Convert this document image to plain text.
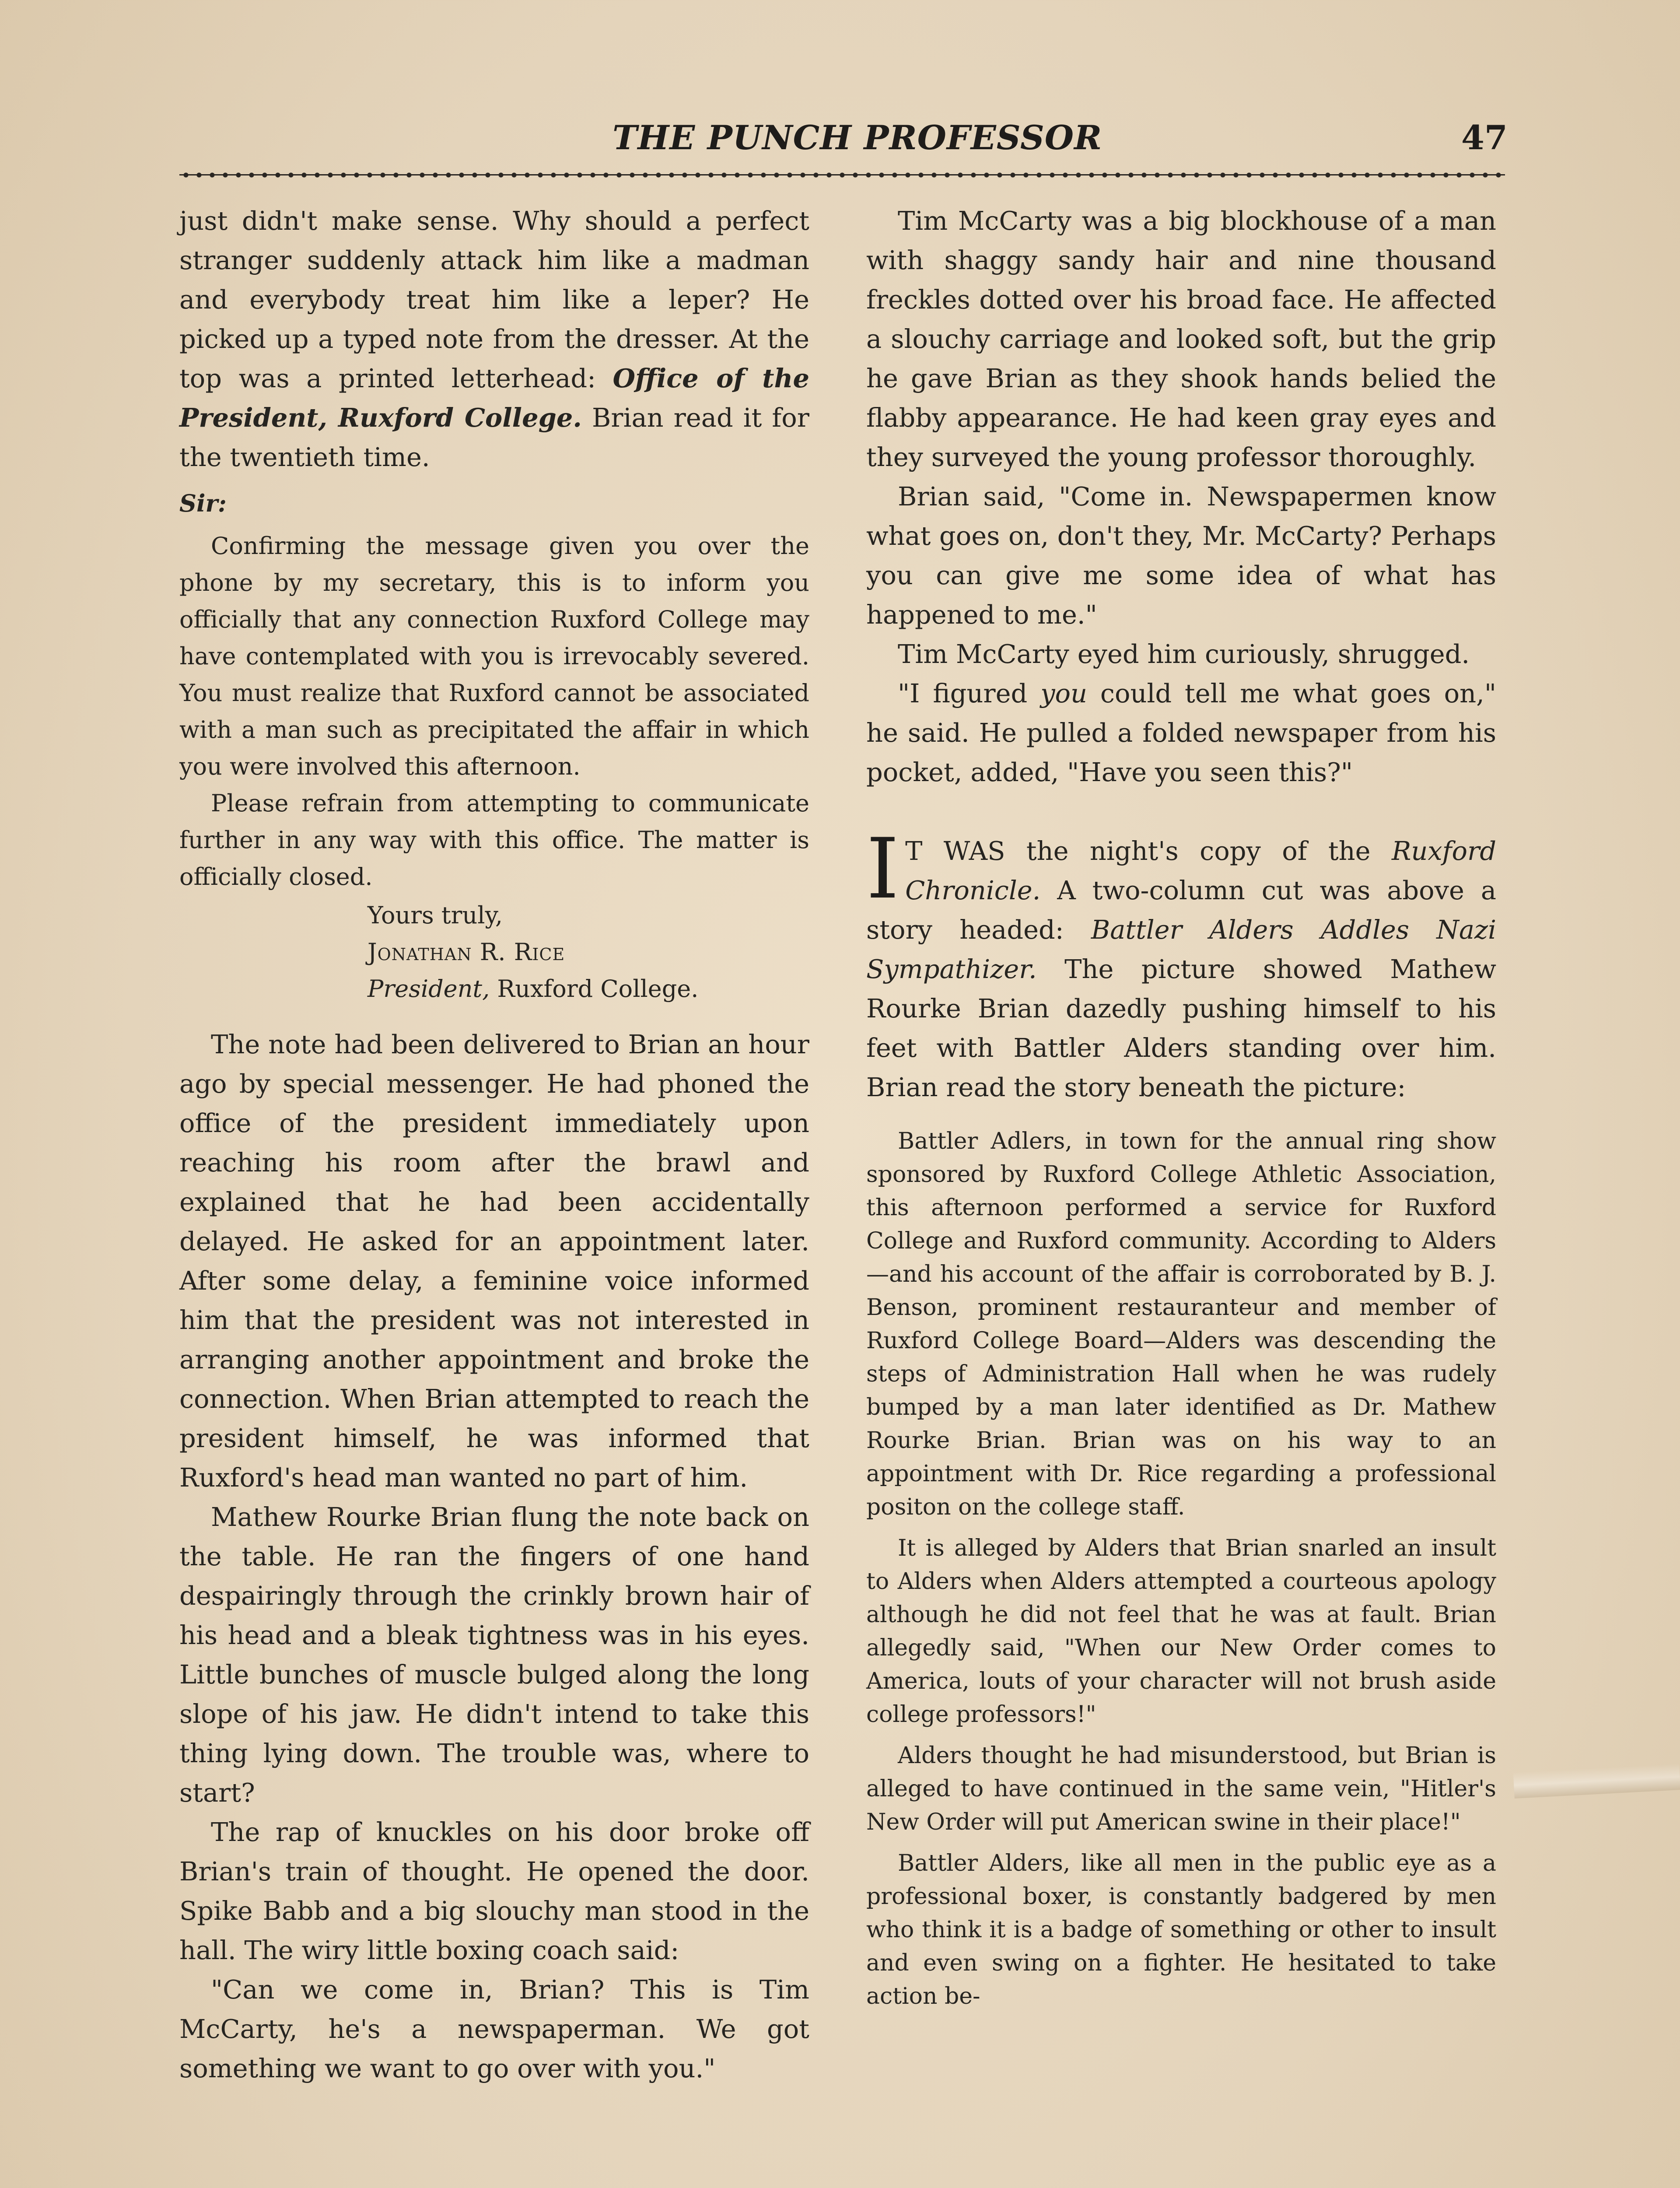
THE PUNCH PROFESSOR	47

just didn't make sense. Why should a perfect stranger suddenly attack him like a madman and everybody treat him like a leper? He picked up a typed note from the dresser. At the top was a printed letterhead: Office of the President, Ruxford College. Brian read it for the twentieth time.

Sir:

Confirming the message given you over the phone by my secretary, this is to inform you officially that any connection Ruxford College may have contemplated with you is irrevocably severed. You must realize that Ruxford cannot be associated with a man such as precipitated the affair in which you were involved this afternoon.

Please refrain from attempting to communicate further in any way with this office. The matter is officially closed.

Yours truly,
Jonathan R. Rice
President, Ruxford College.

The note had been delivered to Brian an hour ago by special messenger. He had phoned the office of the president immediately upon reaching his room after the brawl and explained that he had been accidentally delayed. He asked for an appointment later. After some delay, a feminine voice informed him that the president was not interested in arranging another appointment and broke the connection. When Brian attempted to reach the president himself, he was informed that Ruxford's head man wanted no part of him.

Mathew Rourke Brian flung the note back on the table. He ran the fingers of one hand despairingly through the crinkly brown hair of his head and a bleak tightness was in his eyes. Little bunches of muscle bulged along the long slope of his jaw. He didn't intend to take this thing lying down. The trouble was, where to start?

The rap of knuckles on his door broke off Brian's train of thought. He opened the door. Spike Babb and a big slouchy man stood in the hall. The wiry little boxing coach said:

"Can we come in, Brian? This is Tim McCarty, he's a newspaperman. We got something we want to go over with you."

Tim McCarty was a big blockhouse of a man with shaggy sandy hair and nine thousand freckles dotted over his broad face. He affected a slouchy carriage and looked soft, but the grip he gave Brian as they shook hands belied the flabby appearance. He had keen gray eyes and they surveyed the young professor thoroughly.

Brian said, "Come in. Newspapermen know what goes on, don't they, Mr. McCarty? Perhaps you can give me some idea of what has happened to me."

Tim McCarty eyed him curiously, shrugged.

"I figured you could tell me what goes on," he said. He pulled a folded newspaper from his pocket, added, "Have you seen this?"

I T WAS the night's copy of the Ruxford Chronicle. A two-column cut was above a story headed: Battler Alders Addles Nazi Sympathizer. The picture showed Mathew Rourke Brian dazedly pushing himself to his feet with Battler Alders standing over him. Brian read the story beneath the picture:

Battler Adlers, in town for the annual ring show sponsored by Ruxford College Athletic Association, this afternoon performed a service for Ruxford College and Ruxford community. According to Alders—and his account of the affair is corroborated by B. J. Benson, prominent restauranteur and member of Ruxford College Board—Alders was descending the steps of Administration Hall when he was rudely bumped by a man later identified as Dr. Mathew Rourke Brian. Brian was on his way to an appointment with Dr. Rice regarding a professional positon on the college staff.

It is alleged by Alders that Brian snarled an insult to Alders when Alders attempted a courteous apology although he did not feel that he was at fault. Brian allegedly said, "When our New Order comes to America, louts of your character will not brush aside college professors!"

Alders thought he had misunderstood, but Brian is alleged to have continued in the same vein, "Hitler's New Order will put American swine in their place!"

Battler Alders, like all men in the public eye as a professional boxer, is constantly badgered by men who think it is a badge of something or other to insult and even swing on a fighter. He hesitated to take action be-
